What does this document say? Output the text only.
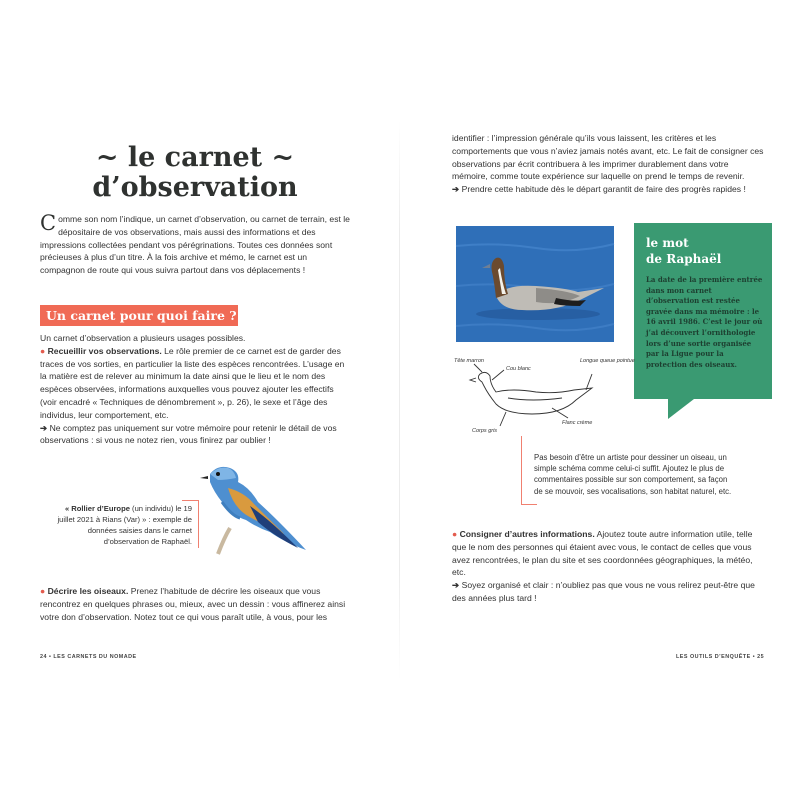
~ le carnet ~
d’observation
Comme son nom l’indique, un carnet d’observation, ou carnet de terrain, est le dépositaire de vos observations, mais aussi des informations et des impressions collectées pendant vos pérégrinations. Toutes ces données sont précieuses à plus d’un titre. À la fois archive et mémo, le carnet est un compagnon de route qui vous suivra partout dans vos déplacements !
Un carnet pour quoi faire ?

Un carnet d’observation a plusieurs usages possibles.

● Recueillir vos observations. Le rôle premier de ce carnet est de garder des traces de vos sorties, en particulier la liste des espèces rencontrées. L’usage en la matière est de relever au minimum la date ainsi que le lieu et le nom des espèces observées, informations auxquelles vous pouvez ajouter les effectifs (voir encadré « Techniques de dénombrement », p. 26), le sexe et l’âge des individus, leur comportement, etc.

➔ Ne comptez pas uniquement sur votre mémoire pour retenir le détail de vos observations : si vous ne notez rien, vous finirez par oublier !

« Rollier d’Europe (un individu) le 19 juillet 2021 à Rians (Var) » : exemple de données saisies dans le carnet d’observation de Raphaël.
● Décrire les oiseaux. Prenez l’habitude de décrire les oiseaux que vous rencontrez en quelques phrases ou, mieux, avec un dessin : vous affinerez ainsi votre don d’observation. Notez tout ce qui vous paraît utile, à vous, pour les
24 • LES CARNETS DU NOMADE

identifier : l’impression générale qu’ils vous laissent, les critères et les comportements que vous n’aviez jamais notés avant, etc. Le fait de consigner ces observations par écrit contribuera à les imprimer durablement dans votre mémoire, comme toute expérience sur laquelle on prend le temps de revenir.

➔ Prendre cette habitude dès le départ garantit de faire des progrès rapides !

le mot
de Raphaël
La date de la première entrée dans mon carnet d’observation est restée gravée dans ma mémoire : le 16 avril 1986. C’est le jour où j’ai découvert l’ornithologie lors d’une sortie organisée par la Ligue pour la protection des oiseaux.
Tête marron
Cou blanc
Longue queue pointue
Flanc crème
Corps gris
Pas besoin d’être un artiste pour dessiner un oiseau, un simple schéma comme celui-ci suffit. Ajoutez le plus de commentaires possible sur son comportement, sa façon de se mouvoir, ses vocalisations, son habitat naturel, etc.

● Consigner d’autres informations. Ajoutez toute autre information utile, telle que le nom des personnes qui étaient avec vous, le contact de celles que vous avez rencontrées, le plan du site et ses coordonnées géographiques, la météo, etc.

➔ Soyez organisé et clair : n’oubliez pas que vous ne vous relirez peut-être que des années plus tard !

LES OUTILS D’ENQUÊTE • 25
